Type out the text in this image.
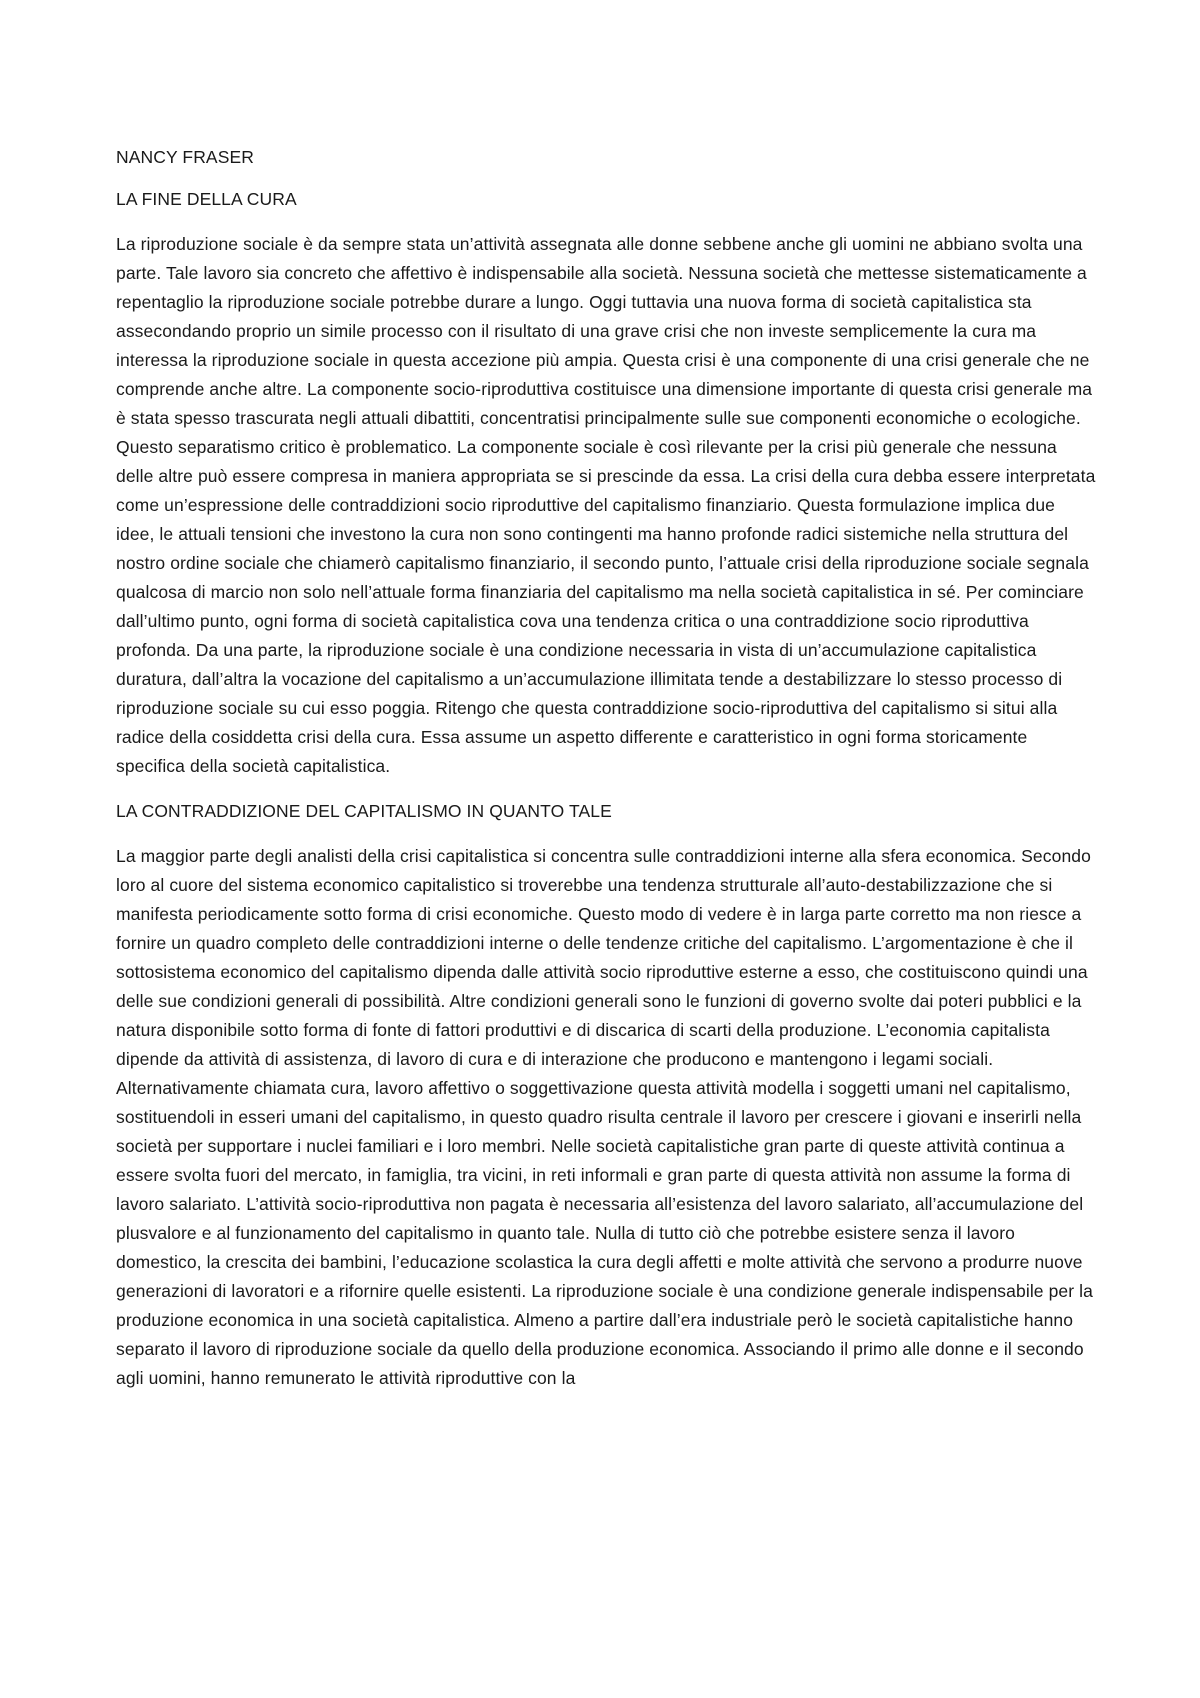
NANCY FRASER

LA FINE DELLA CURA

La riproduzione sociale è da sempre stata un’attività assegnata alle donne sebbene anche gli uomini ne abbiano svolta una parte. Tale lavoro sia concreto che affettivo è indispensabile alla società. Nessuna società che mettesse sistematicamente a repentaglio la riproduzione sociale potrebbe durare a lungo. Oggi tuttavia una nuova forma di società capitalistica sta assecondando proprio un simile processo con il risultato di una grave crisi che non investe semplicemente la cura ma interessa la riproduzione sociale in questa accezione più ampia. Questa crisi è una componente di una crisi generale che ne comprende anche altre. La componente socio-riproduttiva costituisce una dimensione importante di questa crisi generale ma è stata spesso trascurata negli attuali dibattiti, concentratisi principalmente sulle sue componenti economiche o ecologiche. Questo separatismo critico è problematico. La componente sociale è così rilevante per la crisi più generale che nessuna delle altre può essere compresa in maniera appropriata se si prescinde da essa. La crisi della cura debba essere interpretata come un’espressione delle contraddizioni socio riproduttive del capitalismo finanziario. Questa formulazione implica due idee, le attuali tensioni che investono la cura non sono contingenti ma hanno profonde radici sistemiche nella struttura del nostro ordine sociale che chiamerò capitalismo finanziario, il secondo punto, l’attuale crisi della riproduzione sociale segnala qualcosa di marcio non solo nell’attuale forma finanziaria del capitalismo ma nella società capitalistica in sé. Per cominciare dall’ultimo punto, ogni forma di società capitalistica cova una tendenza critica o una contraddizione socio riproduttiva profonda. Da una parte, la riproduzione sociale è una condizione necessaria in vista di un’accumulazione capitalistica duratura, dall’altra la vocazione del capitalismo a un’accumulazione illimitata tende a destabilizzare lo stesso processo di riproduzione sociale su cui esso poggia. Ritengo che questa contraddizione socio-riproduttiva del capitalismo si situi alla radice della cosiddetta crisi della cura. Essa assume un aspetto differente e caratteristico in ogni forma storicamente specifica della società capitalistica.

LA CONTRADDIZIONE DEL CAPITALISMO IN QUANTO TALE

La maggior parte degli analisti della crisi capitalistica si concentra sulle contraddizioni interne alla sfera economica. Secondo loro al cuore del sistema economico capitalistico si troverebbe una tendenza strutturale all’auto-destabilizzazione che si manifesta periodicamente sotto forma di crisi economiche. Questo modo di vedere è in larga parte corretto ma non riesce a fornire un quadro completo delle contraddizioni interne o delle tendenze critiche del capitalismo. L’argomentazione è che il sottosistema economico del capitalismo dipenda dalle attività socio riproduttive esterne a esso, che costituiscono quindi una delle sue condizioni generali di possibilità. Altre condizioni generali sono le funzioni di governo svolte dai poteri pubblici e la natura disponibile sotto forma di fonte di fattori produttivi e di discarica di scarti della produzione. L’economia capitalista dipende da attività di assistenza, di lavoro di cura e di interazione che producono e mantengono i legami sociali. Alternativamente chiamata cura, lavoro affettivo o soggettivazione questa attività modella i soggetti umani nel capitalismo, sostituendoli in esseri umani del capitalismo, in questo quadro risulta centrale il lavoro per crescere i giovani e inserirli nella società per supportare i nuclei familiari e i loro membri. Nelle società capitalistiche gran parte di queste attività continua a essere svolta fuori del mercato, in famiglia, tra vicini, in reti informali e gran parte di questa attività non assume la forma di lavoro salariato. L’attività socio-riproduttiva non pagata è necessaria all’esistenza del lavoro salariato, all’accumulazione del plusvalore e al funzionamento del capitalismo in quanto tale. Nulla di tutto ciò che potrebbe esistere senza il lavoro domestico, la crescita dei bambini, l’educazione scolastica la cura degli affetti e molte attività che servono a produrre nuove generazioni di lavoratori e a rifornire quelle esistenti. La riproduzione sociale è una condizione generale indispensabile per la produzione economica in una società capitalistica. Almeno a partire dall’era industriale però le società capitalistiche hanno separato il lavoro di riproduzione sociale da quello della produzione economica. Associando il primo alle donne e il secondo agli uomini, hanno remunerato le attività riproduttive con la
